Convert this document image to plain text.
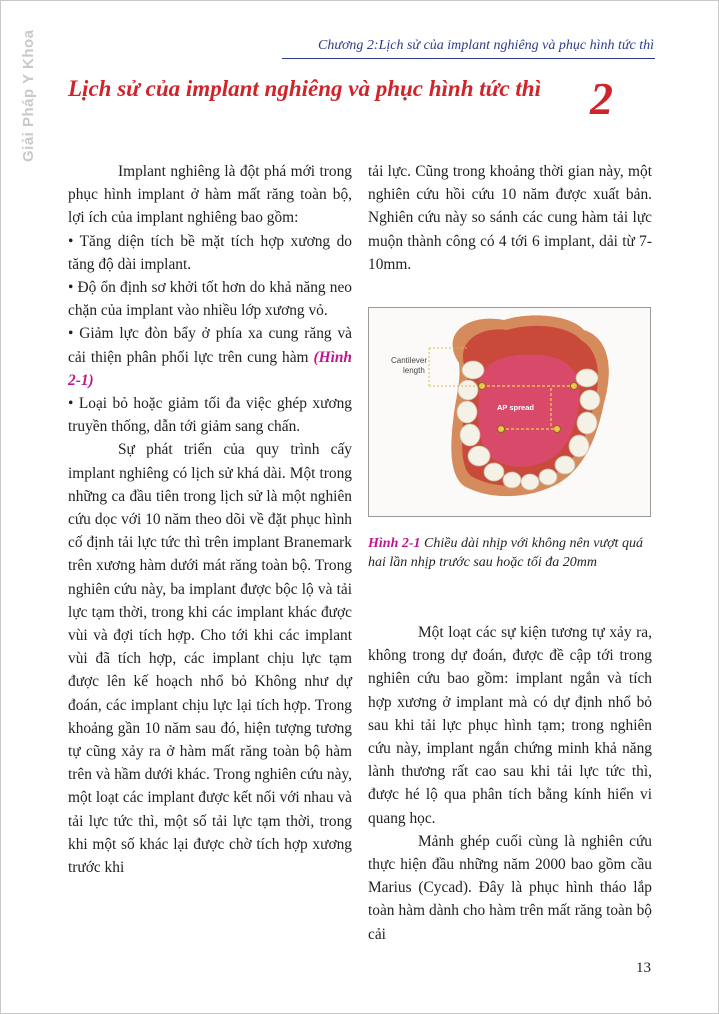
Giải Pháp Y Khoa	Chương 2:Lịch sử của implant nghiêng và phục hình tức thì
Lịch sử của implant nghiêng và phục hình tức thì 2

Implant nghiêng là đột phá mới trong phục hình implant ở hàm mất răng toàn bộ, lợi ích của implant nghiêng bao gồm:

• Tăng diện tích bề mặt tích hợp xương do tăng độ dài implant.

• Độ ổn định sơ khởi tốt hơn do khả năng neo chặn của implant vào nhiều lớp xương vỏ.

• Giảm lực đòn bẩy ở phía xa cung răng và cải thiện phân phối lực trên cung hàm (Hình 2-1)

• Loại bỏ hoặc giảm tối đa việc ghép xương truyền thống, dẫn tới giảm sang chấn.

Sự phát triển của quy trình cấy implant nghiêng có lịch sử khá dài. Một trong những ca đầu tiên trong lịch sử là một nghiên cứu dọc với 10 năm theo dõi về đặt phục hình cố định tải lực tức thì trên implant Branemark trên xương hàm dưới mát răng toàn bộ. Trong nghiên cứu này, ba implant được bộc lộ và tải lực tạm thời, trong khi các implant khác được vùi và đợi tích hợp. Cho tới khi các implant vùi đã tích hợp, các implant chịu lực tạm được lên kế hoạch nhổ bỏ Không như dự đoán, các implant chịu lực lại tích hợp. Trong khoảng gần 10 năm sau đó, hiện tượng tương tự cũng xảy ra ở hàm mất răng toàn bộ hàm trên và hầm dưới khác. Trong nghiên cứu này, một loạt các implant được kết nối với nhau và tải lực tức thì, một số tải lực tạm thời, trong khi một số khác lại được chờ tích hợp xương trước khi

tải lực. Cũng trong khoảng thời gian này, một nghiên cứu hồi cứu 10 năm được xuất bản. Nghiên cứu này so sánh các cung hàm tải lực muộn thành công có 4 tới 6 implant, dải từ 7-10mm.

Cantilever
length
AP spread
Hình 2-1 Chiều dài nhịp với không nên vượt quá hai lần nhịp trước sau hoặc tối đa 20mm

Một loạt các sự kiện tương tự xảy ra, không trong dự đoán, được đề cập tới trong nghiên cứu bao gồm: implant ngắn và tích hợp xương ở implant mà có dự định nhổ bỏ sau khi tải lực phục hình tạm; trong nghiên cứu này, implant ngắn chứng minh khả năng lành thương rất cao sau khi tải lực tức thì, được hé lộ qua phân tích bằng kính hiển vi quang học.

Mảnh ghép cuối cùng là nghiên cứu thực hiện đầu những năm 2000 bao gồm cầu Marius (Cycad). Đây là phục hình tháo lắp toàn hàm dành cho hàm trên mất răng toàn bộ cải

13
